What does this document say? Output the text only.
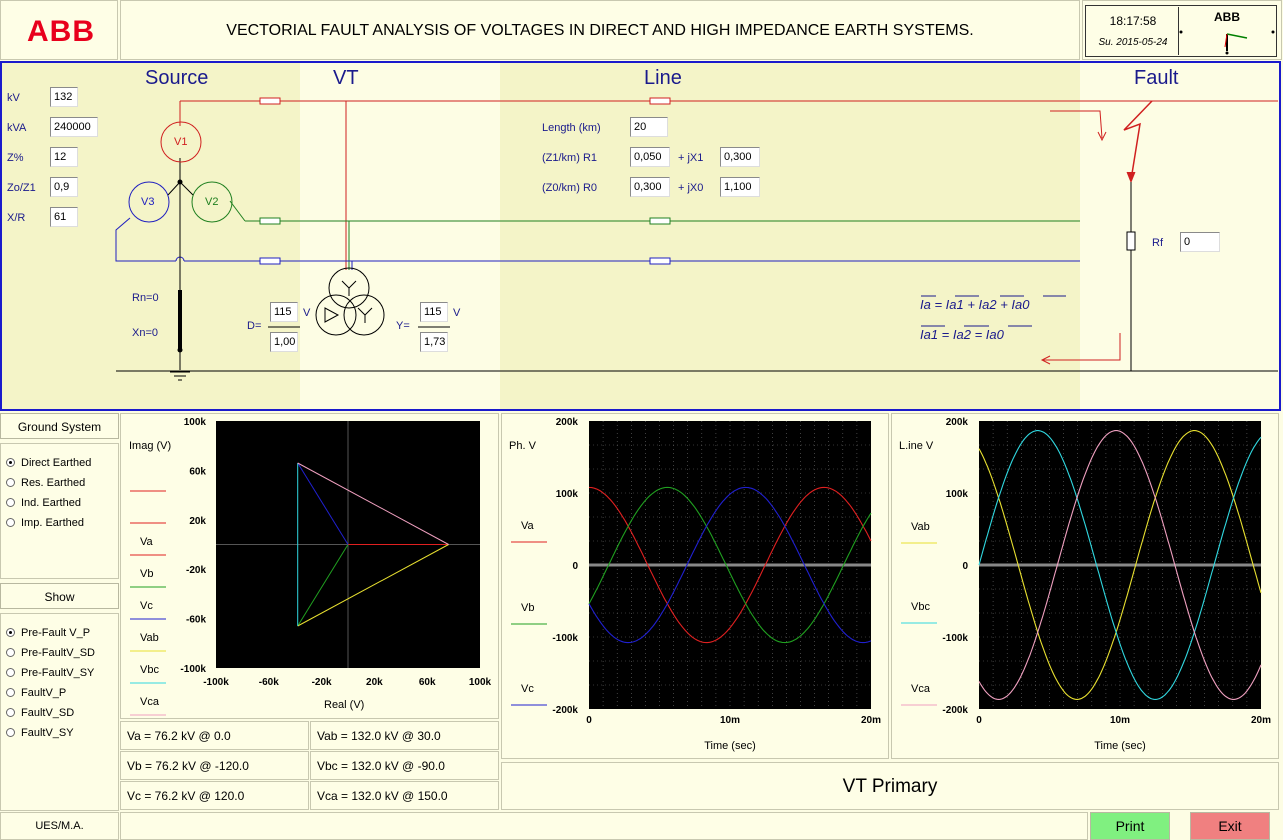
ABB	VECTORIAL FAULT ANALYSIS OF VOLTAGES IN DIRECT AND HIGH IMPEDANCE EARTH SYSTEMS.
18:17:58
Su. 2015-05-24
ABB
Source	VT	Line	Fault
kV	132
kVA	240000
Z%	12
Zo/Z1	0,9
X/R	61
V1
V2
V3
Rn=0
Xn=0
D=
115
1,00
V
Y=
115
1,73
V
Length (km)	20
(Z1/km) R1	0,050	+ jX1	0,300
(Z0/km) R0	0,300	+ jX0	1,100
Rf	0
Ia = Ia1 + Ia2 + Ia0
Ia1 = Ia2 = Ia0
Ground System
Direct Earthed
Res. Earthed
Ind. Earthed
Imp. Earthed
Show
Pre-Fault V_P
Pre-FaultV_SD
Pre-FaultV_SY
FaultV_P
FaultV_SD
FaultV_SY
Imag (V)
Real (V)
-100k	-60k	-20k	20k	60k	100k
100k
60k
20k
-20k
-60k
-100k
Va
Vb
Vc
Vab
Vbc
Vca
Va = 76.2 kV @ 0.0	Vab = 132.0 kV @ 30.0
Vb = 76.2 kV @ -120.0	Vbc = 132.0 kV @ -90.0
Vc = 76.2 kV @ 120.0	Vca = 132.0 kV @ 150.0
200k
100k
0
-100k
-200k
0	10m	20m
Time (sec)
Ph. V
Va
Vb
Vc
200k
100k
0
-100k
-200k
0	10m	20m
Time (sec)
L.ine V
Vab
Vbc
Vca
VT Primary
UES/M.A.	Print	Exit
